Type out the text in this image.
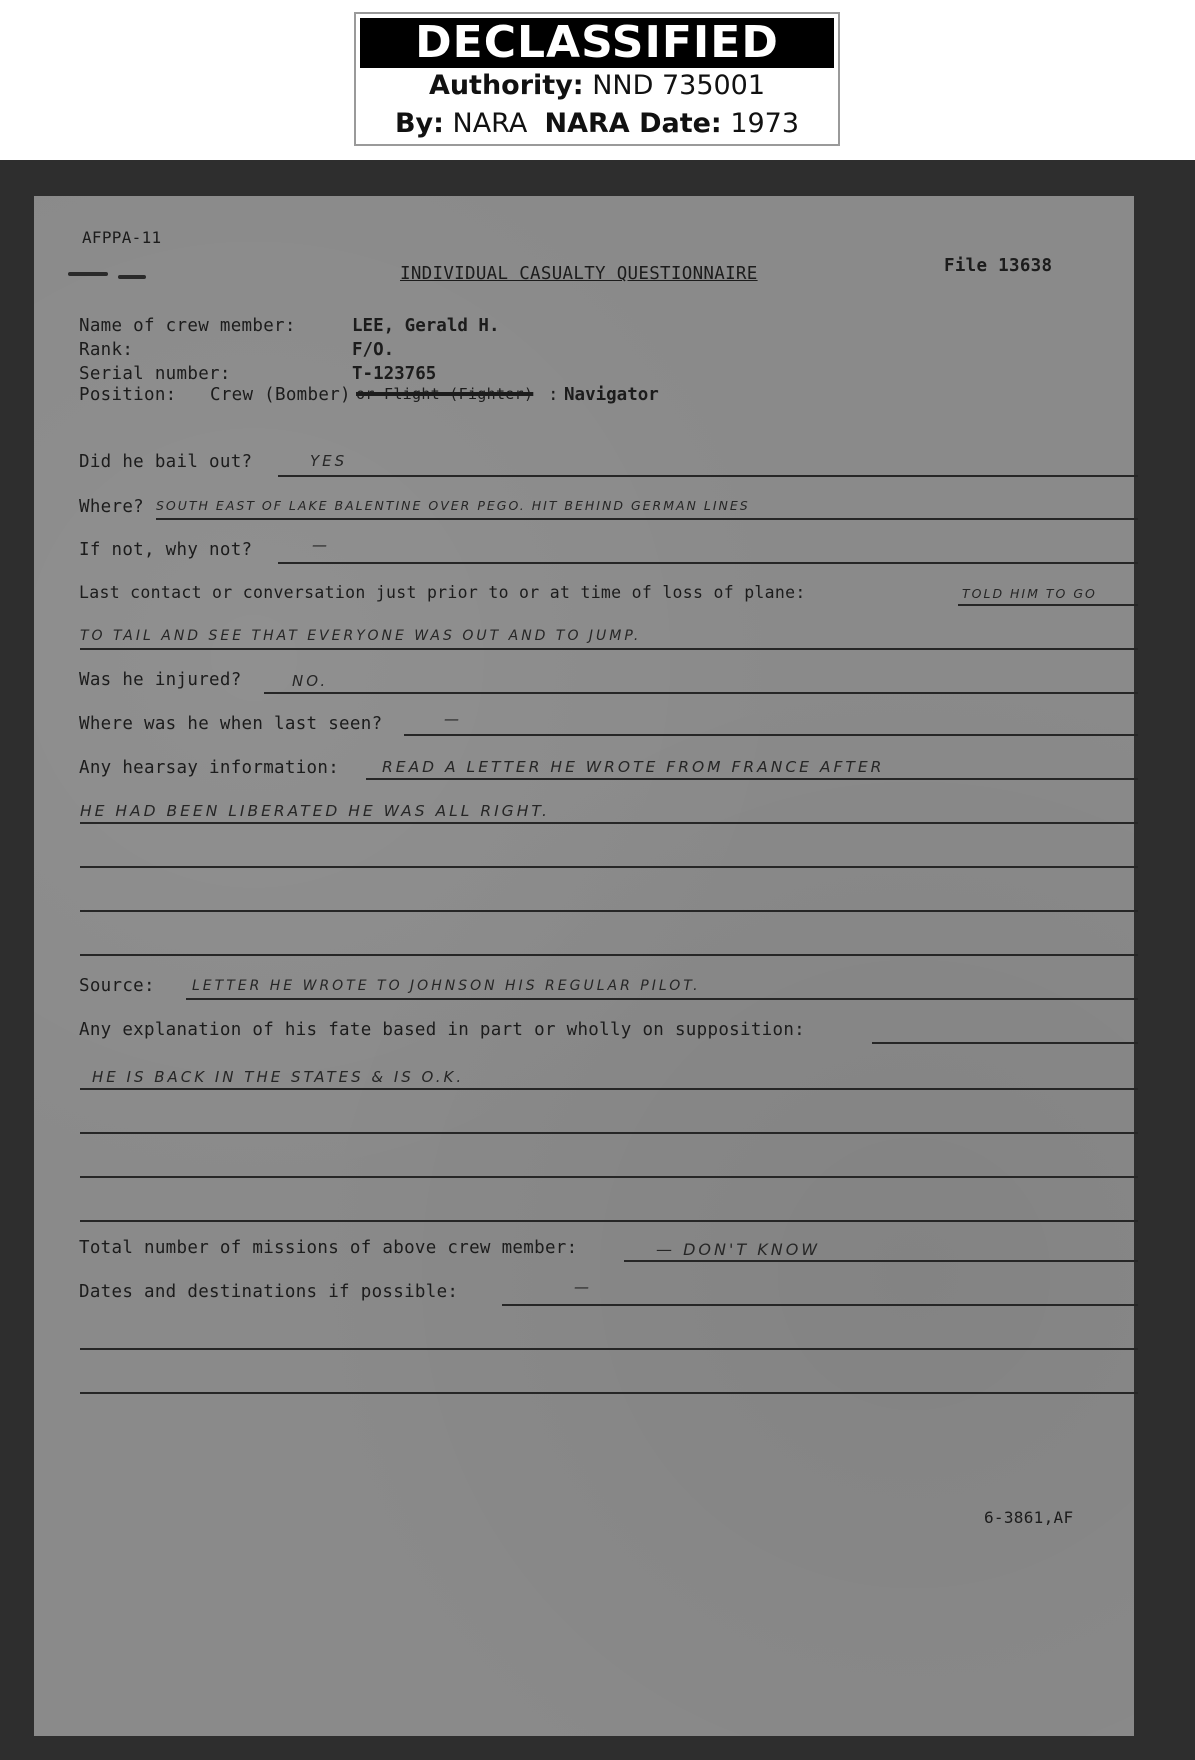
DECLASSIFIED
Authority: NND 735001
By: NARA NARA Date: 1973
AFPPA-11
INDIVIDUAL CASUALTY QUESTIONNAIRE	File 13638
Name of crew member:	LEE, Gerald H.
Rank:	F/O.
Serial number:	T-123765
Position: Crew (Bomber) or Flight (Fighter) : Navigator
Did he bail out?	YES
Where? SOUTH EAST OF LAKE BALENTINE OVER PEGO. HIT BEHIND GERMAN LINES
If not, why not?	—
Last contact or conversation just prior to or at time of loss of plane:	TOLD HIM TO GO
TO TAIL AND SEE THAT EVERYONE WAS OUT AND TO JUMP.
Was he injured?	NO.
Where was he when last seen?	—
Any hearsay information:	READ A LETTER HE WROTE FROM FRANCE AFTER
HE HAD BEEN LIBERATED HE WAS ALL RIGHT.
Source:	LETTER HE WROTE TO JOHNSON HIS REGULAR PILOT.
Any explanation of his fate based in part or wholly on supposition:
HE IS BACK IN THE STATES & IS O.K.
Total number of missions of above crew member:	— DON'T KNOW
Dates and destinations if possible:	—
6-3861,AF
